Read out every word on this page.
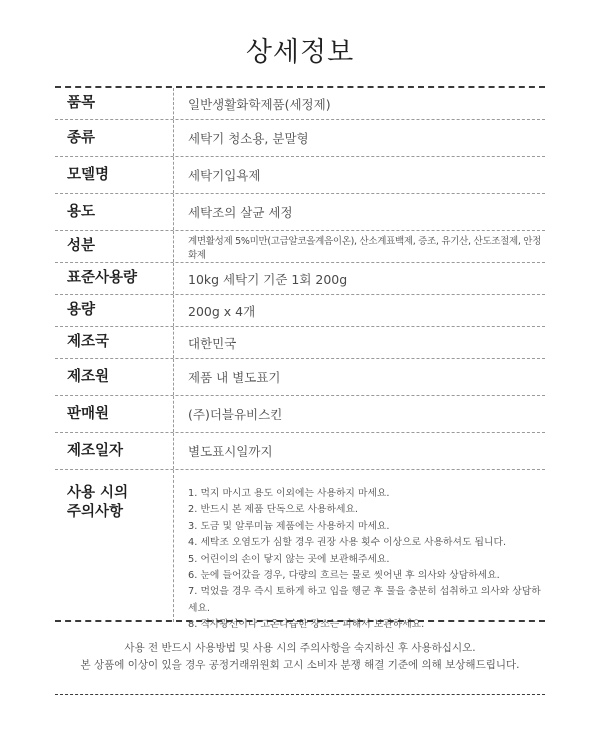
상세정보
품목	일반생활화학제품(세정제)
종류	세탁기 청소용, 분말형
모델명	세탁기입욕제
용도	세탁조의 살균 세정
성분	계면활성제 5%미만(고급알코올계음이온), 산소계표백제, 증조, 유기산, 산도조절제, 안정화제
표준사용량	10kg 세탁기 기준 1회 200g
용량	200g x 4개
제조국	대한민국
제조원	제품 내 별도표기
판매원	(주)더블유비스킨
제조일자	별도표시일까지
사용 시의
주의사항
1. 먹지 마시고 용도 이외에는 사용하지 마세요.
2. 반드시 본 제품 단독으로 사용하세요.
3. 도금 및 알루미늄 제품에는 사용하지 마세요.
4. 세탁조 오염도가 심할 경우 권장 사용 횟수 이상으로 사용하셔도 됩니다.
5. 어린이의 손이 닿지 않는 곳에 보관해주세요.
6. 눈에 들어갔을 경우, 다량의 흐르는 물로 씻어낸 후 의사와 상담하세요.
7. 먹었을 경우 즉시 토하게 하고 입을 헹군 후 물을 충분히 섭취하고 의사와 상담하세요.
8. 직사광선이나 고온다습한 장소는 피해서 보관하세요.
사용 전 반드시 사용방법 및 사용 시의 주의사항을 숙지하신 후 사용하십시오.
본 상품에 이상이 있을 경우 공정거래위원회 고시 소비자 분쟁 해결 기준에 의해 보상해드립니다.
